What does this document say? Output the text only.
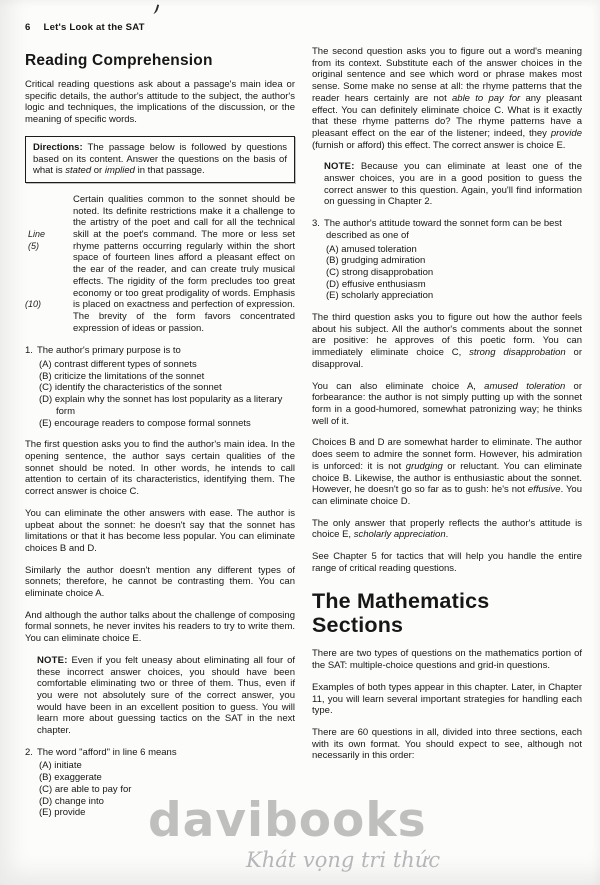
6 Let's Look at the SAT
Reading Comprehension

Critical reading questions ask about a passage's main idea or specific details, the author's attitude to the subject, the author's logic and techniques, the implications of the discussion, or the meaning of specific words.

Directions: The passage below is followed by questions based on its content. Answer the questions on the basis of what is stated or implied in that passage.

Line
(5)
(10)

Certain qualities common to the sonnet should be noted. Its definite restrictions make it a challenge to the artistry of the poet and call for all the technical skill at the poet's command. The more or less set rhyme patterns occurring regularly within the short space of fourteen lines afford a pleasant effect on the ear of the reader, and can create truly musical effects. The rigidity of the form precludes too great economy or too great prodigality of words. Emphasis is placed on exactness and perfection of expression. The brevity of the form favors concentrated expression of ideas or passion.

1. The author's primary purpose is to

(A) contrast different types of sonnets
(B) criticize the limitations of the sonnet
(C) identify the characteristics of the sonnet
(D) explain why the sonnet has lost popularity as a literary form
(E) encourage readers to compose formal sonnets

The first question asks you to find the author's main idea. In the opening sentence, the author says certain qualities of the sonnet should be noted. In other words, he intends to call attention to certain of its characteristics, identifying them. The correct answer is choice C.

You can eliminate the other answers with ease. The author is upbeat about the sonnet: he doesn't say that the sonnet has limitations or that it has become less popular. You can eliminate choices B and D.

Similarly the author doesn't mention any different types of sonnets; therefore, he cannot be contrasting them. You can eliminate choice A.

And although the author talks about the challenge of composing formal sonnets, he never invites his readers to try to write them. You can eliminate choice E.

NOTE: Even if you felt uneasy about eliminating all four of these incorrect answer choices, you should have been comfortable eliminating two or three of them. Thus, even if you were not absolutely sure of the correct answer, you would have been in an excellent position to guess. You will learn more about guessing tactics on the SAT in the next chapter.

2. The word "afford" in line 6 means

(A) initiate
(B) exaggerate
(C) are able to pay for
(D) change into
(E) provide

The second question asks you to figure out a word's meaning from its context. Substitute each of the answer choices in the original sentence and see which word or phrase makes most sense. Some make no sense at all: the rhyme patterns that the reader hears certainly are not able to pay for any pleasant effect. You can definitely eliminate choice C. What is it exactly that these rhyme patterns do? The rhyme patterns have a pleasant effect on the ear of the listener; indeed, they provide (furnish or afford) this effect. The correct answer is choice E.

NOTE: Because you can eliminate at least one of the answer choices, you are in a good position to guess the correct answer to this question. Again, you'll find information on guessing in Chapter 2.

3. The author's attitude toward the sonnet form can be best described as one of

(A) amused toleration
(B) grudging admiration
(C) strong disapprobation
(D) effusive enthusiasm
(E) scholarly appreciation

The third question asks you to figure out how the author feels about his subject. All the author's comments about the sonnet are positive: he approves of this poetic form. You can immediately eliminate choice C, strong disapprobation or disapproval.

You can also eliminate choice A, amused toleration or forbearance: the author is not simply putting up with the sonnet form in a good-humored, somewhat patronizing way; he thinks well of it.

Choices B and D are somewhat harder to eliminate. The author does seem to admire the sonnet form. However, his admiration is unforced: it is not grudging or reluctant. You can eliminate choice B. Likewise, the author is enthusiastic about the sonnet. However, he doesn't go so far as to gush: he's not effusive. You can eliminate choice D.

The only answer that properly reflects the author's attitude is choice E, scholarly appreciation.

See Chapter 5 for tactics that will help you handle the entire range of critical reading questions.

The Mathematics Sections

There are two types of questions on the mathematics portion of the SAT: multiple-choice questions and grid-in questions.

Examples of both types appear in this chapter. Later, in Chapter 11, you will learn several important strategies for handling each type.

There are 60 questions in all, divided into three sections, each with its own format. You should expect to see, although not necessarily in this order:

davibooks
Khát vọng tri thức
